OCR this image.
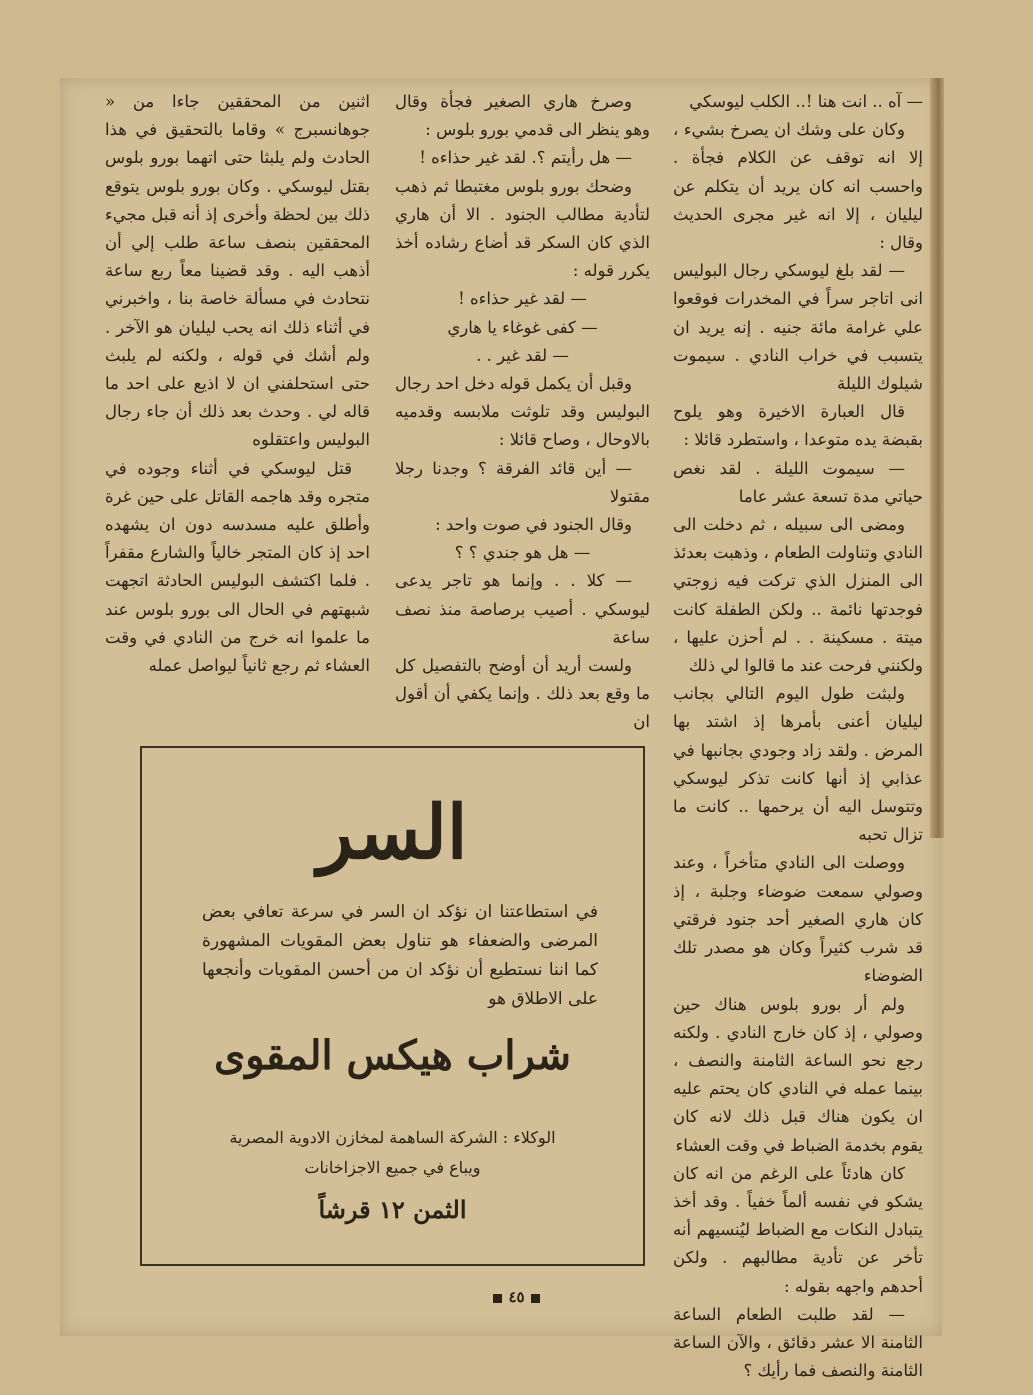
— آه .. انت هنا !.. الكلب ليوسكي

وكان على وشك ان يصرخ بشيء ، إلا انه توقف عن الكلام فجأة . واحسب انه كان يريد أن يتكلم عن ليليان ، إلا انه غير مجرى الحديث وقال :

— لقد بلغ ليوسكي رجال البوليس انى اتاجر سراً في المخدرات فوقعوا علي غرامة مائة جنيه . إنه يريد ان يتسبب في خراب النادي . سيموت شيلوك الليلة

قال العبارة الاخيرة وهو يلوح بقبضة يده متوعدا ، واستطرد قائلا :

— سيموت الليلة . لقد نغص حياتي مدة تسعة عشر عاما

ومضى الى سبيله ، ثم دخلت الى النادي وتناولت الطعام ، وذهبت بعدئذ الى المنزل الذي تركت فيه زوجتي فوجدتها نائمة .. ولكن الطفلة كانت ميتة . مسكينة . . لم أحزن عليها ، ولكنني فرحت عند ما قالوا لي ذلك

ولبثت طول اليوم التالي بجانب ليليان أعنى بأمرها إذ اشتد بها المرض . ولقد زاد وجودي بجانبها في عذابي إذ أنها كانت تذكر ليوسكي وتتوسل اليه أن يرحمها .. كانت ما تزال تحبه

ووصلت الى النادي متأخراً ، وعند وصولي سمعت ضوضاء وجلبة ، إذ كان هاري الصغير أحد جنود فرقتي قد شرب كثيراً وكان هو مصدر تلك الضوضاء

ولم أر بورو بلوس هناك حين وصولي ، إذ كان خارج النادي . ولكنه رجع نحو الساعة الثامنة والنصف ، بينما عمله في النادي كان يحتم عليه ان يكون هناك قبل ذلك لانه كان يقوم بخدمة الضباط في وقت العشاء

كان هادئاً على الرغم من انه كان يشكو في نفسه ألماً خفياً . وقد أخذ يتبادل النكات مع الضباط ليُنسيهم أنه تأخر عن تأدية مطالبهم . ولكن أحدهم واجهه بقوله :

— لقد طلبت الطعام الساعة الثامنة الا عشر دقائق ، والآن الساعة الثامنة والنصف فما رأيك ؟

وصرخ هاري الصغير فجأة وقال وهو ينظر الى قدمي بورو بلوس :

— هل رأيتم ؟. لقد غير حذاءه !

وضحك بورو بلوس مغتبطا ثم ذهب لتأدية مطالب الجنود . الا أن هاري الذي كان السكر قد أضاع رشاده أخذ يكرر قوله :

— لقد غير حذاءه !

— كفى غوغاء يا هاري

— لقد غير . .

وقبل أن يكمل قوله دخل احد رجال البوليس وقد تلوثت ملابسه وقدميه بالاوحال ، وصاح قائلا :

— أين قائد الفرقة ؟ وجدنا رجلا مقتولا

وقال الجنود في صوت واحد :

— هل هو جندي ؟ ؟

— كلا . . وإنما هو تاجر يدعى ليوسكي . أصيب برصاصة منذ نصف ساعة

ولست أريد أن أوضح بالتفصيل كل ما وقع بعد ذلك . وإنما يكفي أن أقول ان

اثنين من المحققين جاءا من « جوهانسبرج » وقاما بالتحقيق في هذا الحادث ولم يلبثا حتى اتهما بورو بلوس بقتل ليوسكي . وكان بورو بلوس يتوقع ذلك بين لحظة وأخرى إذ أنه قبل مجيء المحققين بنصف ساعة طلب إلي أن أذهب اليه . وقد قضينا معاً ربع ساعة نتحادث في مسألة خاصة بنا ، واخبرني في أثناء ذلك انه يحب ليليان هو الآخر . ولم أشك في قوله ، ولكنه لم يلبث حتى استحلفني ان لا اذيع على احد ما قاله لي . وحدث بعد ذلك أن جاء رجال البوليس واعتقلوه

قتل ليوسكي في أثناء وجوده في متجره وقد هاجمه القاتل على حين غرة وأطلق عليه مسدسه دون ان يشهده احد إذ كان المتجر خالياً والشارع مقفراً . فلما اكتشف البوليس الحادثة اتجهت شبهتهم في الحال الى بورو بلوس عند ما علموا انه خرج من النادي في وقت العشاء ثم رجع ثانياً ليواصل عمله

السر
في استطاعتنا ان نؤكد ان السر في سرعة تعافي بعض المرضى والضعفاء هو تناول بعض المقويات المشهورة كما اننا نستطيع أن نؤكد ان من أحسن المقويات وأنجعها على الاطلاق هو
شراب هيكس المقوى
الوكلاء : الشركة الساهمة لمخازن الادوية المصرية
ويباع في جميع الاجزاخانات
الثمن ١٢ قرشاً
٤٥
